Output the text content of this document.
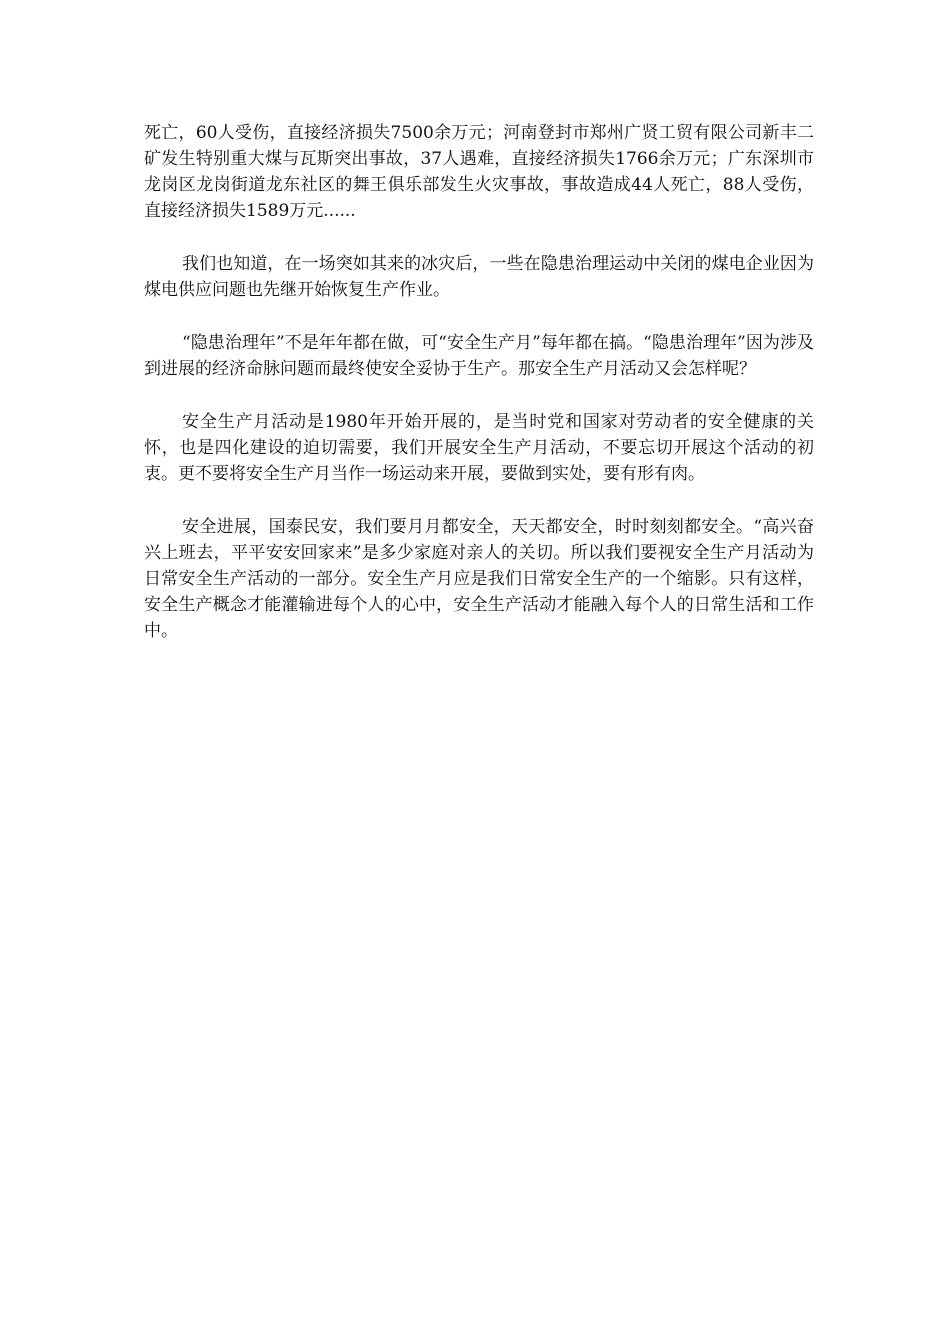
死亡，60人受伤，直接经济损失7500余万元；河南登封市郑州广贤工贸有限公司新丰二矿发生特别重大煤与瓦斯突出事故，37人遇难，直接经济损失1766余万元；广东深圳市龙岗区龙岗街道龙东社区的舞王俱乐部发生火灾事故，事故造成44人死亡，88人受伤，直接经济损失1589万元......

我们也知道，在一场突如其来的冰灾后，一些在隐患治理运动中关闭的煤电企业因为煤电供应问题也先继开始恢复生产作业。

“隐患治理年”不是年年都在做，可“安全生产月”每年都在搞。“隐患治理年”因为涉及到进展的经济命脉问题而最终使安全妥协于生产。那安全生产月活动又会怎样呢？

安全生产月活动是1980年开始开展的，是当时党和国家对劳动者的安全健康的关怀，也是四化建设的迫切需要，我们开展安全生产月活动，不要忘切开展这个活动的初衷。更不要将安全生产月当作一场运动来开展，要做到实处，要有形有肉。

安全进展，国泰民安，我们要月月都安全，天天都安全，时时刻刻都安全。“高兴奋兴上班去，平平安安回家来”是多少家庭对亲人的关切。所以我们要视安全生产月活动为日常安全生产活动的一部分。安全生产月应是我们日常安全生产的一个缩影。只有这样，安全生产概念才能灌输进每个人的心中，安全生产活动才能融入每个人的日常生活和工作中。
